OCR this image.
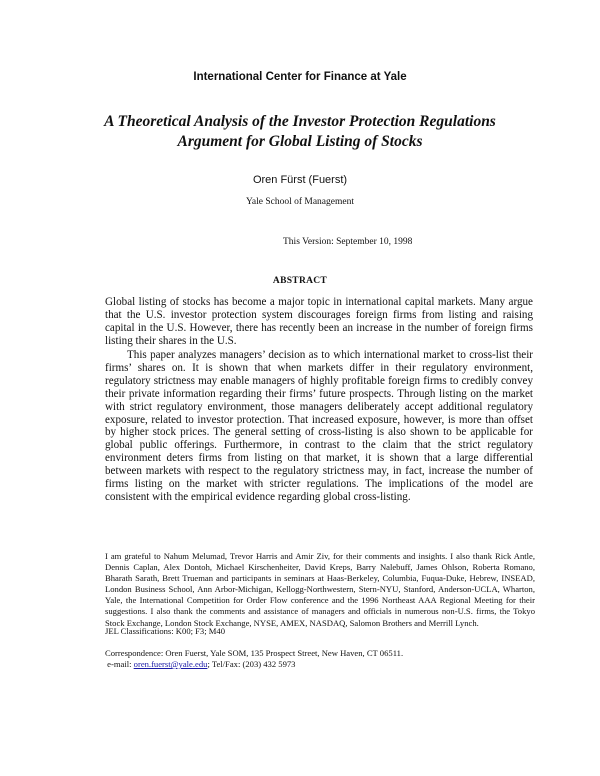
International Center for Finance at Yale
A Theoretical Analysis of the Investor Protection Regulations
Argument for Global Listing of Stocks
Oren Fürst (Fuerst)
Yale School of Management
This Version: September 10, 1998
ABSTRACT
Global listing of stocks has become a major topic in international capital markets. Many argue that the U.S. investor protection system discourages foreign firms from listing and raising capital in the U.S. However, there has recently been an increase in the number of foreign firms listing their shares in the U.S.
This paper analyzes managers’ decision as to which international market to cross-list their firms’ shares on. It is shown that when markets differ in their regulatory environment, regulatory strictness may enable managers of highly profitable foreign firms to credibly convey their private information regarding their firms’ future prospects. Through listing on the market with strict regulatory environment, those managers deliberately accept additional regulatory exposure, related to investor protection. That increased exposure, however, is more than offset by higher stock prices. The general setting of cross-listing is also shown to be applicable for global public offerings. Furthermore, in contrast to the claim that the strict regulatory environment deters firms from listing on that market, it is shown that a large differential between markets with respect to the regulatory strictness may, in fact, increase the number of firms listing on the market with stricter regulations. The implications of the model are consistent with the empirical evidence regarding global cross-listing.
I am grateful to Nahum Melumad, Trevor Harris and Amir Ziv, for their comments and insights. I also thank Rick Antle, Dennis Caplan, Alex Dontoh, Michael Kirschenheiter, David Kreps, Barry Nalebuff, James Ohlson, Roberta Romano, Bharath Sarath, Brett Trueman and participants in seminars at Haas-Berkeley, Columbia, Fuqua-Duke, Hebrew, INSEAD, London Business School, Ann Arbor-Michigan, Kellogg-Northwestern, Stern-NYU, Stanford, Anderson-UCLA, Wharton, Yale, the International Competition for Order Flow conference and the 1996 Northeast AAA Regional Meeting for their suggestions. I also thank the comments and assistance of managers and officials in numerous non-U.S. firms, the Tokyo Stock Exchange, London Stock Exchange, NYSE, AMEX, NASDAQ, Salomon Brothers and Merrill Lynch.
JEL Classifications: K00; F3; M40
Correspondence: Oren Fuerst, Yale SOM, 135 Prospect Street, New Haven, CT 06511.
e-mail: oren.fuerst@yale.edu; Tel/Fax: (203) 432 5973
